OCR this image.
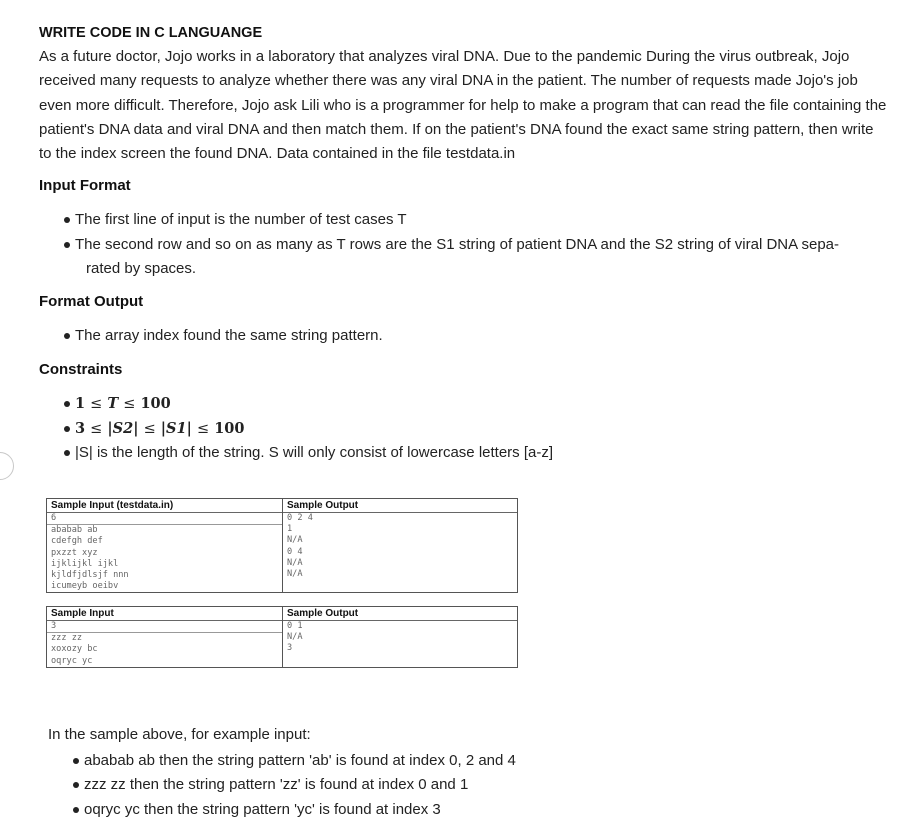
WRITE CODE IN C LANGUANGE

As a future doctor, Jojo works in a laboratory that analyzes viral DNA. Due to the pandemic During the virus outbreak, Jojo received many requests to analyze whether there was any viral DNA in the patient. The number of requests made Jojo's job even more difficult. Therefore, Jojo ask Lili who is a programmer for help to make a program that can read the file containing the patient's DNA data and viral DNA and then match them. If on the patient's DNA found the exact same string pattern, then write to the index screen the found DNA. Data contained in the file testdata.in

Input Format
The first line of input is the number of test cases T
The second row and so on as many as T rows are the S1 string of patient DNA and the S2 string of viral DNA sepa-
rated by spaces.
Format Output
The array index found the same string pattern.
Constraints
1 ≤ T ≤ 100
3 ≤ |S2| ≤ |S1| ≤ 100
|S| is the length of the string. S will only consist of lowercase letters [a-z]
Sample Input (testdata.in)
6
ababab ab
cdefgh def
pxzzt xyz
ijklijkl ijkl
kjldfjdlsjf nnn
icumeyb oeibv
Sample Output
0 2 4
1
N/A
0 4
N/A
N/A
Sample Input
3
zzz zz
xoxozy bc
oqryc yc
Sample Output
0 1
N/A
3

In the sample above, for example input:

ababab ab then the string pattern 'ab' is found at index 0, 2 and 4
zzz zz then the string pattern 'zz' is found at index 0 and 1
oqryc yc then the string pattern 'yc' is found at index 3
